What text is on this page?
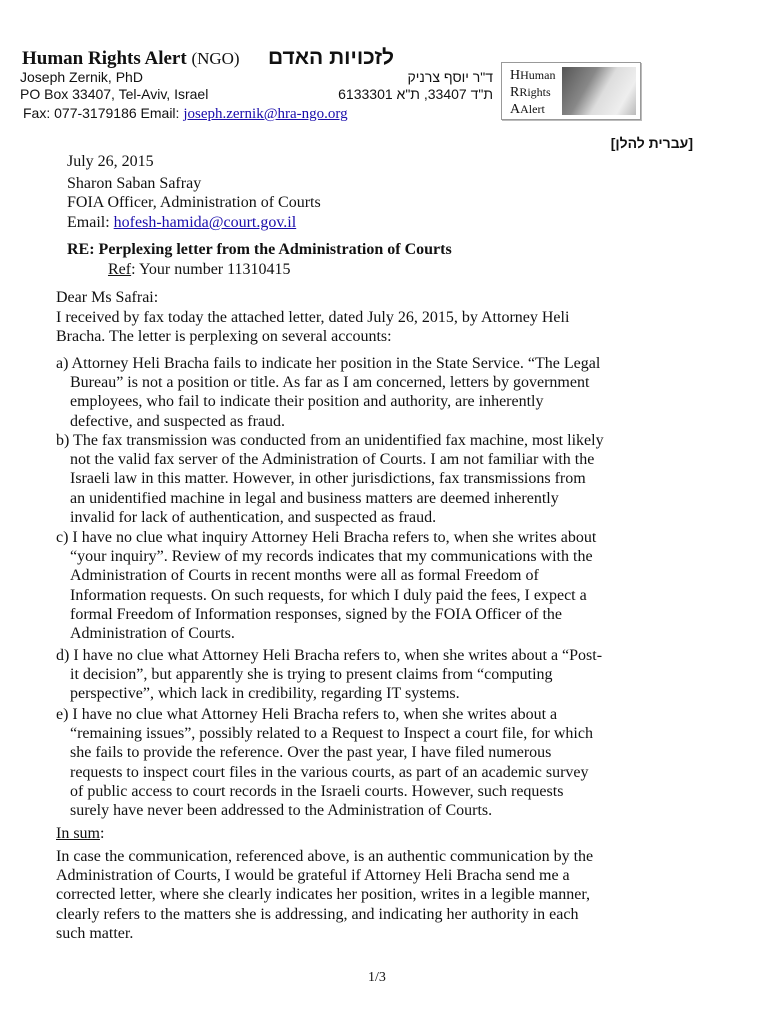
Human Rights Alert (NGO) לזכויות האדם
Joseph Zernik, PhD
PO Box 33407, Tel-Aviv, Israel
Fax: 077-3179186 Email: joseph.zernik@hra-ngo.org
ד"ר יוסף צרניק
ת"ד 33407, ת"א 6133301
HHuman
RRights
AAlert
[עברית להלן]
July 26, 2015
Sharon Saban Safray
FOIA Officer, Administration of Courts
Email: hofesh-hamida@court.gov.il
RE: Perplexing letter from the Administration of Courts
Ref: Your number 11310415
Dear Ms Safrai:
I received by fax today the attached letter, dated July 26, 2015, by Attorney Heli
Bracha. The letter is perplexing on several accounts:
a) Attorney Heli Bracha fails to indicate her position in the State Service. “The Legal
Bureau” is not a position or title. As far as I am concerned, letters by government
employees, who fail to indicate their position and authority, are inherently
defective, and suspected as fraud.
b) The fax transmission was conducted from an unidentified fax machine, most likely
not the valid fax server of the Administration of Courts. I am not familiar with the
Israeli law in this matter. However, in other jurisdictions, fax transmissions from
an unidentified machine in legal and business matters are deemed inherently
invalid for lack of authentication, and suspected as fraud.
c) I have no clue what inquiry Attorney Heli Bracha refers to, when she writes about
“your inquiry”. Review of my records indicates that my communications with the
Administration of Courts in recent months were all as formal Freedom of
Information requests. On such requests, for which I duly paid the fees, I expect a
formal Freedom of Information responses, signed by the FOIA Officer of the
Administration of Courts.
d) I have no clue what Attorney Heli Bracha refers to, when she writes about a “Post-
it decision”, but apparently she is trying to present claims from “computing
perspective”, which lack in credibility, regarding IT systems.
e) I have no clue what Attorney Heli Bracha refers to, when she writes about a
“remaining issues”, possibly related to a Request to Inspect a court file, for which
she fails to provide the reference. Over the past year, I have filed numerous
requests to inspect court files in the various courts, as part of an academic survey
of public access to court records in the Israeli courts. However, such requests
surely have never been addressed to the Administration of Courts.
In sum:
In case the communication, referenced above, is an authentic communication by the
Administration of Courts, I would be grateful if Attorney Heli Bracha send me a
corrected letter, where she clearly indicates her position, writes in a legible manner,
clearly refers to the matters she is addressing, and indicating her authority in each
such matter.
1/3
